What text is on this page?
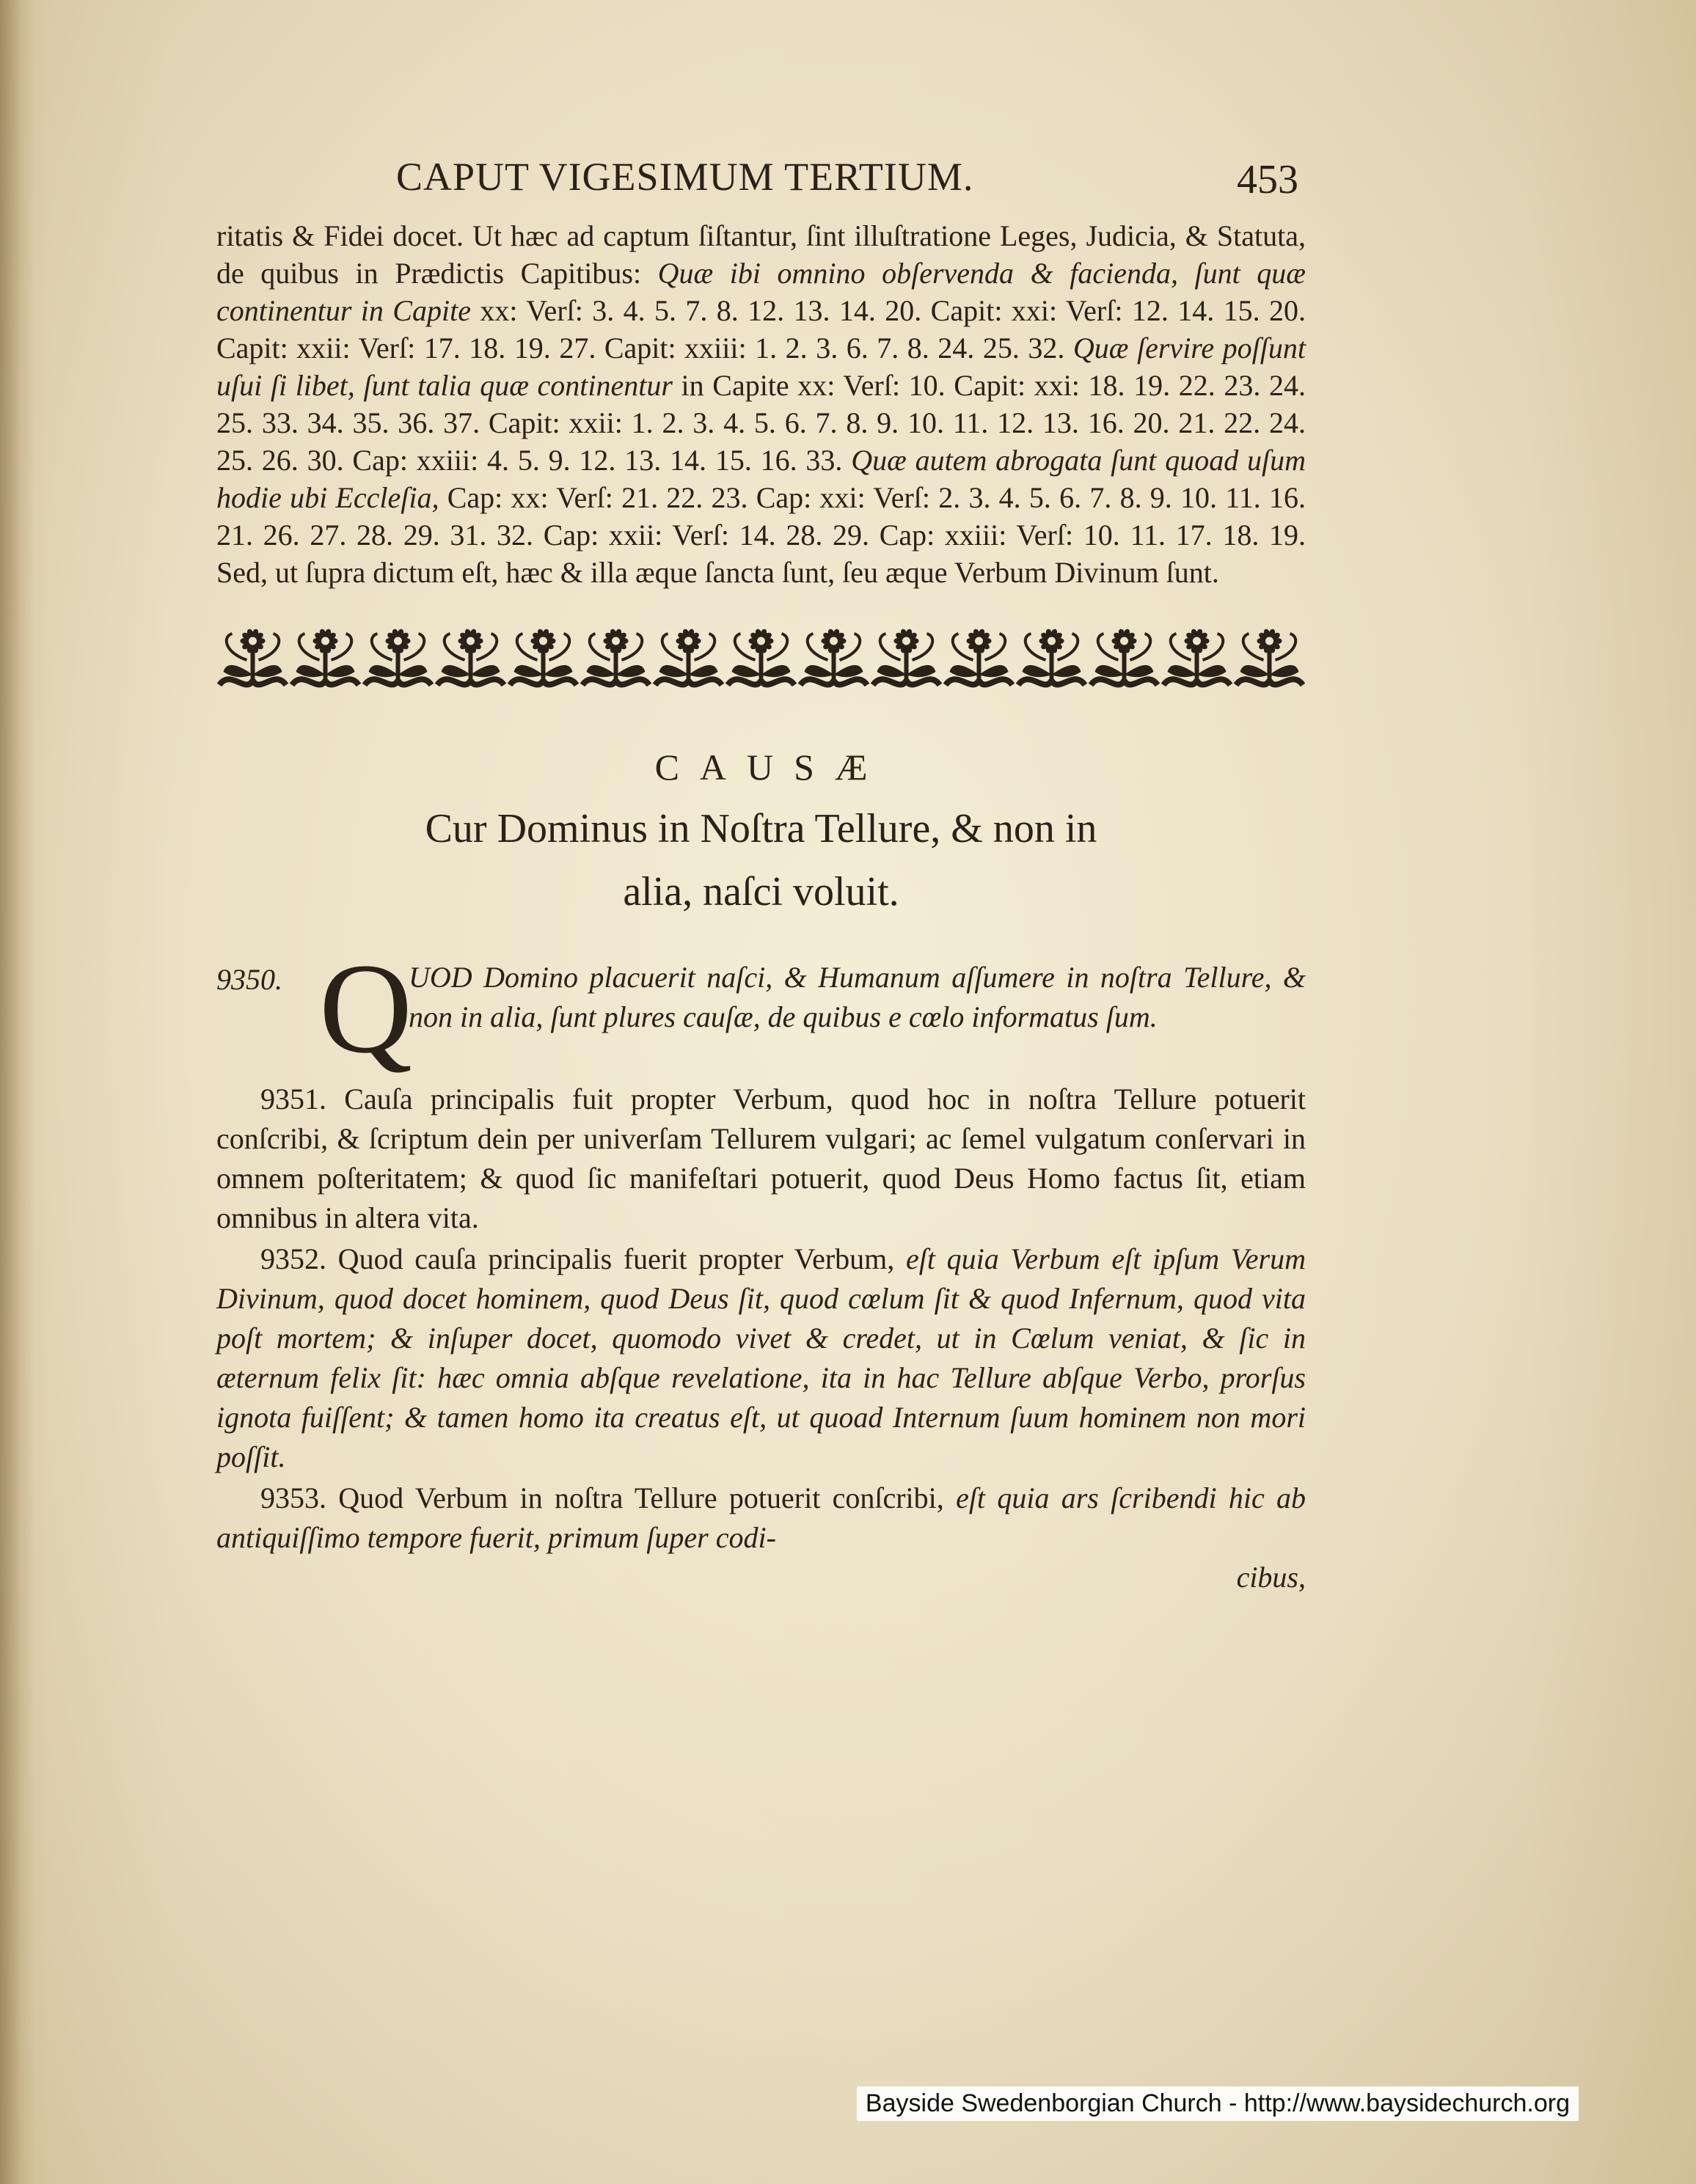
CAPUT VIGESIMUM TERTIUM.	453

ritatis & Fidei docet. Ut hæc ad captum ſiſtantur, ſint illuſtratione Leges, Judicia, & Statuta, de quibus in Prædictis Capitibus: Quæ ibi omnino obſervenda & facienda, ſunt quæ continentur in Capite xx: Verſ: 3. 4. 5. 7. 8. 12. 13. 14. 20. Capit: xxi: Verſ: 12. 14. 15. 20. Capit: xxii: Verſ: 17. 18. 19. 27. Capit: xxiii: 1. 2. 3. 6. 7. 8. 24. 25. 32. Quæ ſervire poſſunt uſui ſi libet, ſunt talia quæ continentur in Capite xx: Verſ: 10. Capit: xxi: 18. 19. 22. 23. 24. 25. 33. 34. 35. 36. 37. Capit: xxii: 1. 2. 3. 4. 5. 6. 7. 8. 9. 10. 11. 12. 13. 16. 20. 21. 22. 24. 25. 26. 30. Cap: xxiii: 4. 5. 9. 12. 13. 14. 15. 16. 33. Quæ autem abrogata ſunt quoad uſum hodie ubi Eccleſia, Cap: xx: Verſ: 21. 22. 23. Cap: xxi: Verſ: 2. 3. 4. 5. 6. 7. 8. 9. 10. 11. 16. 21. 26. 27. 28. 29. 31. 32. Cap: xxii: Verſ: 14. 28. 29. Cap: xxiii: Verſ: 10. 11. 17. 18. 19. Sed, ut ſupra dictum eſt, hæc & illa æque ſancta ſunt, ſeu æque Verbum Divinum ſunt.

CAUSÆ
Cur Dominus in Noſtra Tellure, & non in
alia, naſci voluit.
9350. Q
UOD Domino placuerit naſci, & Humanum aſſumere in noſtra Tellure, & non in alia, ſunt plures cauſæ, de quibus e cœlo informatus ſum.

9351. Cauſa principalis fuit propter Verbum, quod hoc in noſtra Tellure potuerit conſcribi, & ſcriptum dein per univerſam Tellurem vulgari; ac ſemel vulgatum conſervari in omnem poſteritatem; & quod ſic manifeſtari potuerit, quod Deus Homo factus ſit, etiam omnibus in altera vita.

9352. Quod cauſa principalis fuerit propter Verbum, eſt quia Verbum eſt ipſum Verum Divinum, quod docet hominem, quod Deus ſit, quod cœlum ſit & quod Infernum, quod vita poſt mortem; & inſuper docet, quomodo vivet & credet, ut in Cœlum veniat, & ſic in æternum felix ſit: hæc omnia abſque revelatione, ita in hac Tellure abſque Verbo, prorſus ignota fuiſſent; & tamen homo ita creatus eſt, ut quoad Internum ſuum hominem non mori poſſit.

9353. Quod Verbum in noſtra Tellure potuerit conſcribi, eſt quia ars ſcribendi hic ab antiquiſſimo tempore fuerit, primum ſuper codi-

cibus,
Bayside Swedenborgian Church - http://www.baysidechurch.org
